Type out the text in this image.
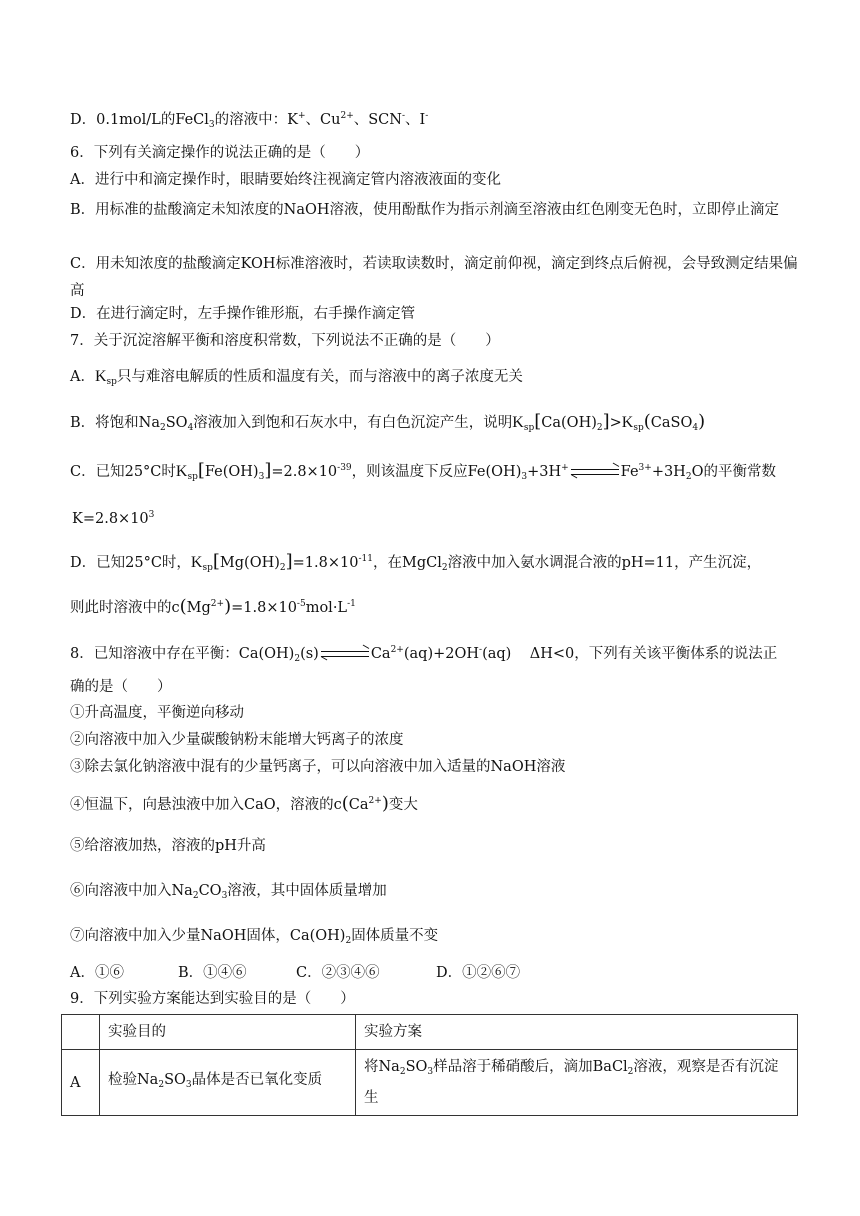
D．0.1mol/L的FeCl$_3$的溶液中：K+、$Cu^{2+}$、SCN-、I-
6．下列有关滴定操作的说法正确的是（　　）
A．进行中和滴定操作时，眼睛要始终注视滴定管内溶液液面的变化
B．用标准的盐酸滴定未知浓度的NaOH溶液，使用酚酞作为指示剂滴至溶液由红色刚变无色时，立即停止滴定
C．用未知浓度的盐酸滴定KOH标准溶液时，若读取读数时，滴定前仰视，滴定到终点后俯视，会导致测定结果偏高
D．在进行滴定时，左手操作锥形瓶，右手操作滴定管
7．关于沉淀溶解平衡和溶度积常数，下列说法不正确的是（　　）
A．$K_{sp}$只与难溶电解质的性质和温度有关，而与溶液中的离子浓度无关
B．将饱和$Na_2SO_4$溶液加入到饱和石灰水中，有白色沉淀产生，说明$K_{sp}[Ca(OH)_2]>K_{sp}(CaSO_4)$
C．已知25°C时$K_{sp}[Fe(OH)_3]=2.8\times 10^{-39}$，则该温度下反应$Fe(OH)_3+3H^+$	$Fe^{3+}+3H_2O$的平衡常数
$K=2.8\times 10^3$
D．已知25°C时，$K_{sp}[Mg(OH)_2]=1.8\times 10^{-11}$，在MgCl$_2$溶液中加入氨水调混合液的pH=11，产生沉淀，
则此时溶液中的$c(Mg^{2+})=1.8\times 10^{-5}mol\cdot L^{-1}$
8．已知溶液中存在平衡：$Ca(OH)_2(s)$	$Ca^{2+}(aq)+2OH^-(aq)$    ΔH<0，下列有关该平衡体系的说法正
确的是（　　）
①升高温度，平衡逆向移动
②向溶液中加入少量碳酸钠粉末能增大钙离子的浓度
③除去氯化钠溶液中混有的少量钙离子，可以向溶液中加入适量的NaOH溶液
④恒温下，向悬浊液中加入CaO，溶液的$c(Ca^{2+})$变大
⑤给溶液加热，溶液的pH升高
⑥向溶液中加入$Na_2CO_3$溶液，其中固体质量增加
⑦向溶液中加入少量NaOH固体，$Ca(OH)_2$固体质量不变
A．①⑥	B．①④⑥	C．②③④⑥	D．①②⑥⑦
9．下列实验方案能达到实验目的是（　　）
	实验目的	实验方案
A	检验$Na_2SO_3$晶体是否已氧化变质	将$Na_2SO_3$样品溶于稀硝酸后，滴加BaCl$_2$溶液，观察是否有沉淀生
